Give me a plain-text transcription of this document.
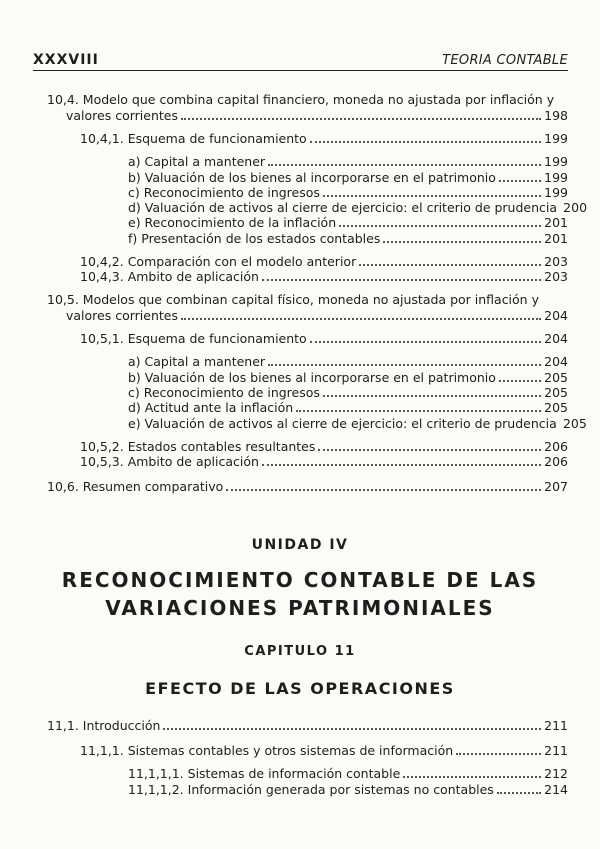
XXXVIII	TEORIA CONTABLE
10,4. Modelo que combina capital financiero, moneda no ajustada por inflación y
valores corrientes	198
10,4,1. Esquema de funcionamiento	199
a) Capital a mantener	199
b) Valuación de los bienes al incorporarse en el patrimonio	199
c) Reconocimiento de ingresos	199
d) Valuación de activos al cierre de ejercicio: el criterio de prudencia 200
e) Reconocimiento de la inflación	201
f) Presentación de los estados contables	201
10,4,2. Comparación con el modelo anterior	203
10,4,3. Ambito de aplicación	203
10,5. Modelos que combinan capital físico, moneda no ajustada por inflación y
valores corrientes	204
10,5,1. Esquema de funcionamiento	204
a) Capital a mantener	204
b) Valuación de los bienes al incorporarse en el patrimonio	205
c) Reconocimiento de ingresos	205
d) Actitud ante la inflación	205
e) Valuación de activos al cierre de ejercicio: el criterio de prudencia 205
10,5,2. Estados contables resultantes	206
10,5,3. Ambito de aplicación	206
10,6. Resumen comparativo	207
UNIDAD IV
RECONOCIMIENTO CONTABLE DE LAS
VARIACIONES PATRIMONIALES
CAPITULO 11
EFECTO DE LAS OPERACIONES
11,1. Introducción	211
11,1,1. Sistemas contables y otros sistemas de información	211
11,1,1,1. Sistemas de información contable	212
11,1,1,2. Información generada por sistemas no contables	214
